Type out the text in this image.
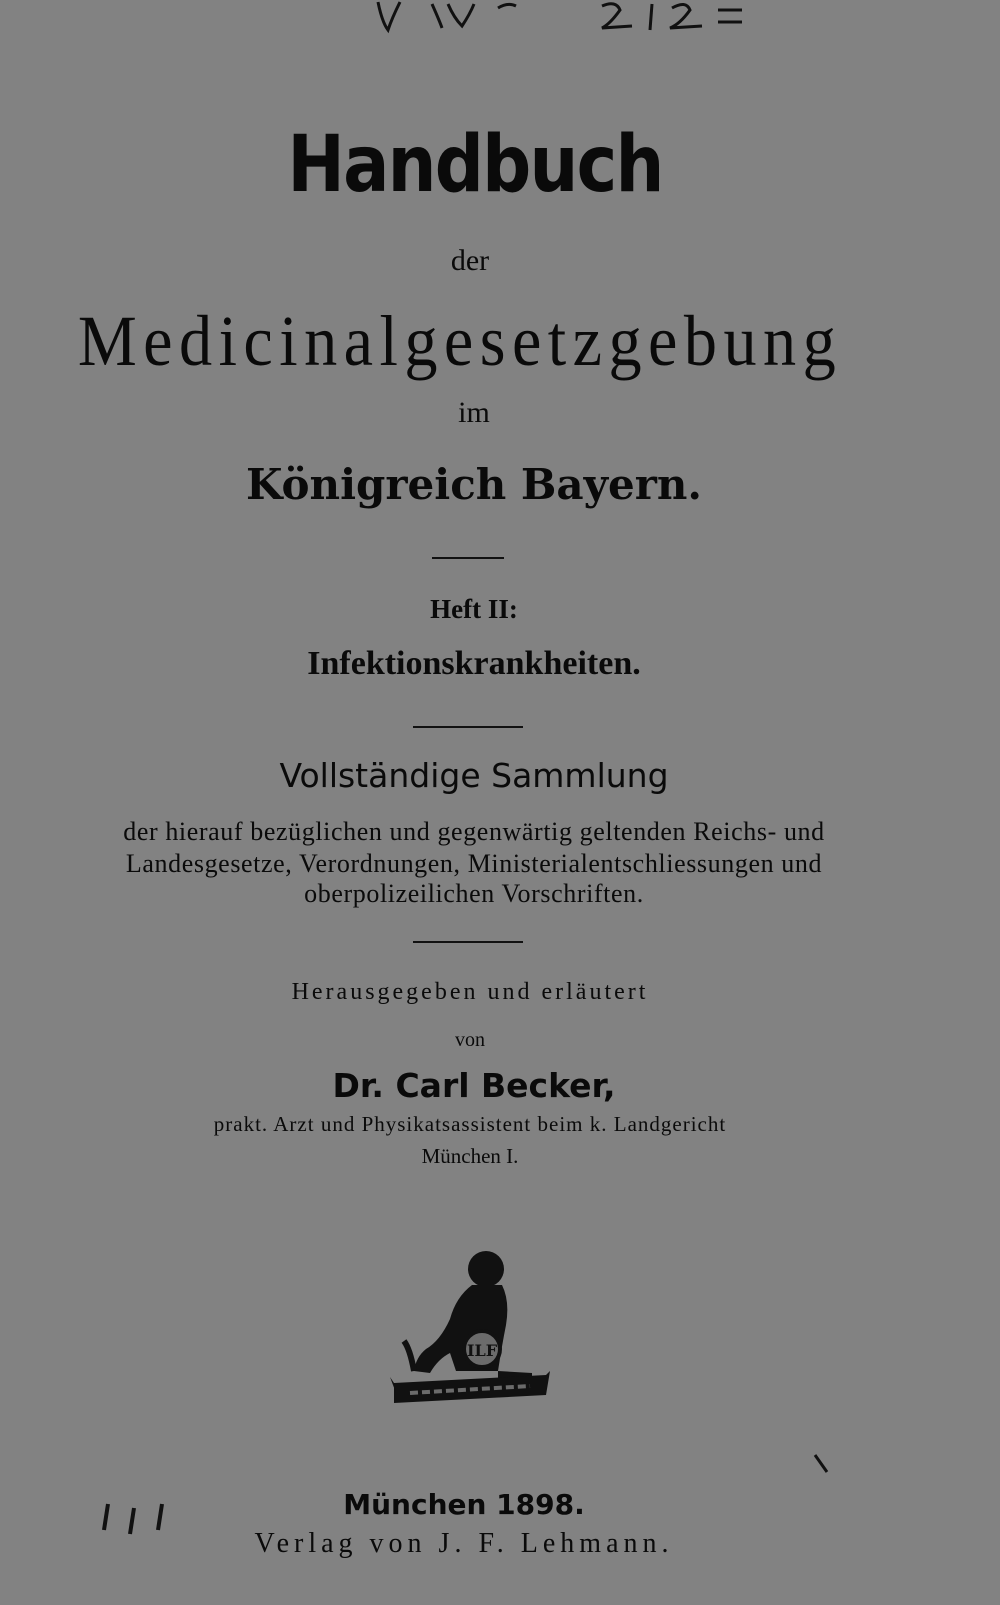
Handbuch
der
Medicinalgesetzgebung
im
Königreich Bayern.
Heft II:
Infektionskrankheiten.
Vollständige Sammlung
der hierauf bezüglichen und gegenwärtig geltenden Reichs- und
Landesgesetze, Verordnungen, Ministerialentschliessungen und
oberpolizeilichen Vorschriften.
Herausgegeben und erläutert
von
Dr. Carl Becker,
prakt. Arzt und Physikatsassistent beim k. Landgericht
München I.
ILF
München 1898.
Verlag von J. F. Lehmann.
